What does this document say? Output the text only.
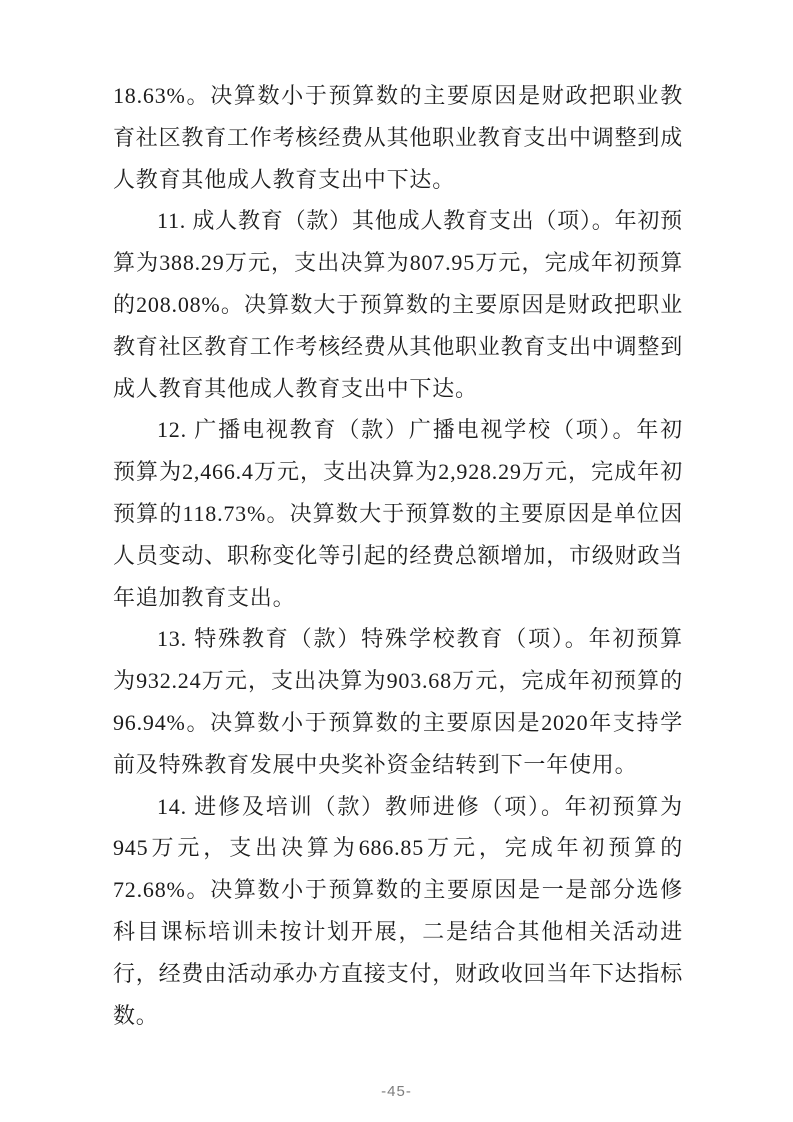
18.63%。决算数小于预算数的主要原因是财政把职业教育社区教育工作考核经费从其他职业教育支出中调整到成人教育其他成人教育支出中下达。

11. 成人教育（款）其他成人教育支出（项）。年初预算为388.29万元，支出决算为807.95万元，完成年初预算的208.08%。决算数大于预算数的主要原因是财政把职业教育社区教育工作考核经费从其他职业教育支出中调整到成人教育其他成人教育支出中下达。

12. 广播电视教育（款）广播电视学校（项）。年初预算为2,466.4万元，支出决算为2,928.29万元，完成年初预算的118.73%。决算数大于预算数的主要原因是单位因人员变动、职称变化等引起的经费总额增加，市级财政当年追加教育支出。

13. 特殊教育（款）特殊学校教育（项）。年初预算为932.24万元，支出决算为903.68万元，完成年初预算的96.94%。决算数小于预算数的主要原因是2020年支持学前及特殊教育发展中央奖补资金结转到下一年使用。

14. 进修及培训（款）教师进修（项）。年初预算为945万元，支出决算为686.85万元，完成年初预算的72.68%。决算数小于预算数的主要原因是一是部分选修科目课标培训未按计划开展，二是结合其他相关活动进行，经费由活动承办方直接支付，财政收回当年下达指标数。

-45-
